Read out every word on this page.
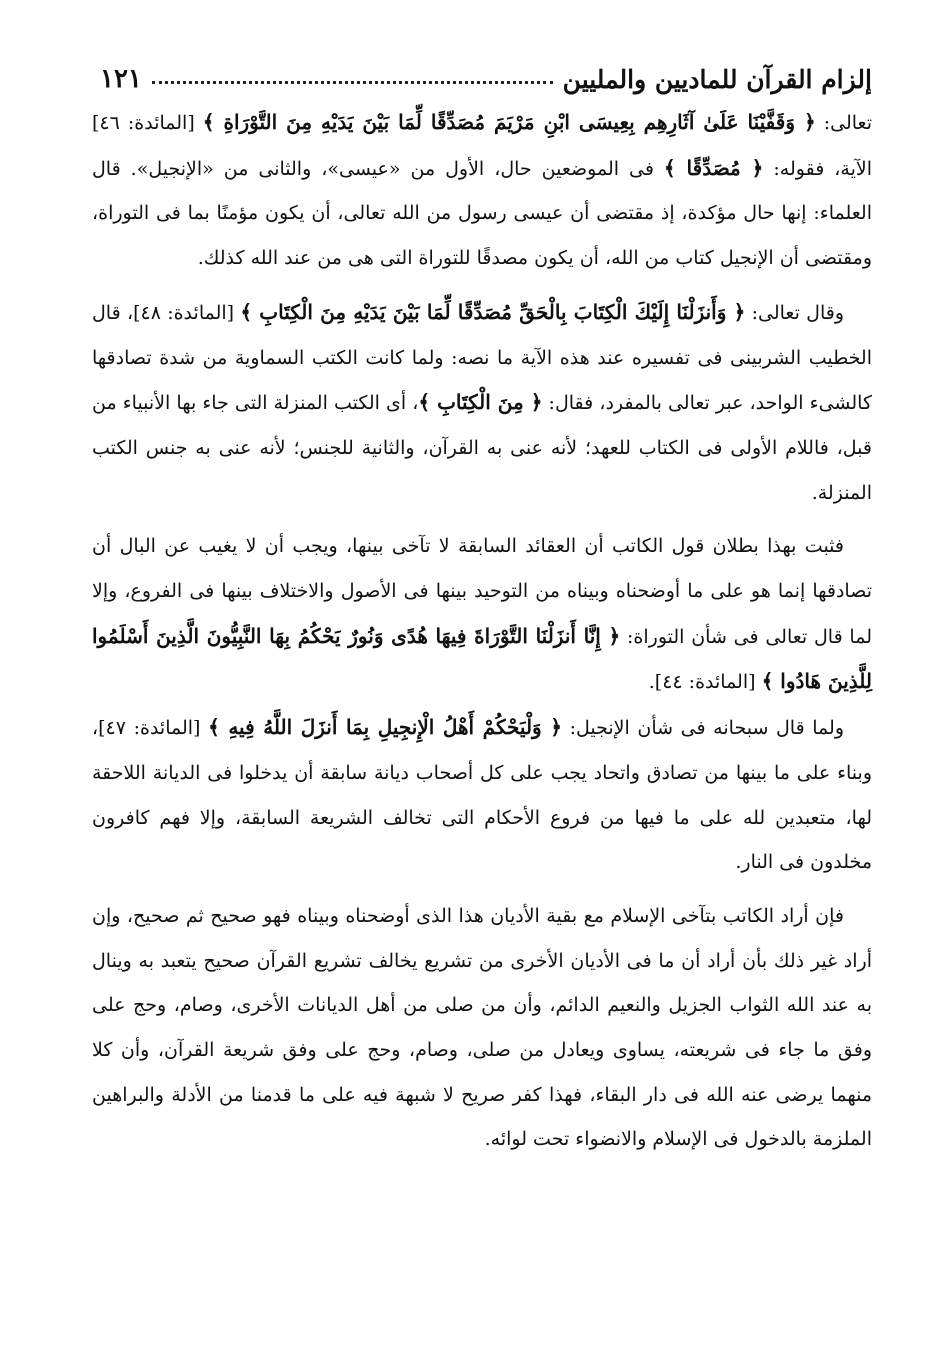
إلزام القرآن للماديين والمليين
١٢١

تعالى: ﴿ وَقَفَّيْنَا عَلَىٰ آثَارِهِم بِعِيسَى ابْنِ مَرْيَمَ مُصَدِّقًا لِّمَا بَيْنَ يَدَيْهِ مِنَ التَّوْرَاةِ ﴾ [المائدة: ٤٦] الآية، فقوله: ﴿ مُصَدِّقًا ﴾ فى الموضعين حال، الأول من «عيسى»، والثانى من «الإنجيل». قال العلماء: إنها حال مؤكدة، إذ مقتضى أن عيسى رسول من الله تعالى، أن يكون مؤمنًا بما فى التوراة، ومقتضى أن الإنجيل كتاب من الله، أن يكون مصدقًا للتوراة التى هى من عند الله كذلك.

وقال تعالى: ﴿ وَأَنزَلْنَا إِلَيْكَ الْكِتَابَ بِالْحَقِّ مُصَدِّقًا لِّمَا بَيْنَ يَدَيْهِ مِنَ الْكِتَابِ ﴾ [المائدة: ٤٨]، قال الخطيب الشربينى فى تفسيره عند هذه الآية ما نصه: ولما كانت الكتب السماوية من شدة تصادقها كالشىء الواحد، عبر تعالى بالمفرد، فقال: ﴿ مِنَ الْكِتَابِ ﴾، أى الكتب المنزلة التى جاء بها الأنبياء من قبل، فاللام الأولى فى الكتاب للعهد؛ لأنه عنى به القرآن، والثانية للجنس؛ لأنه عنى به جنس الكتب المنزلة.

فثبت بهذا بطلان قول الكاتب أن العقائد السابقة لا تآخى بينها، ويجب أن لا يغيب عن البال أن تصادقها إنما هو على ما أوضحناه وبيناه من التوحيد بينها فى الأصول والاختلاف بينها فى الفروع، وإلا لما قال تعالى فى شأن التوراة: ﴿ إِنَّا أَنزَلْنَا التَّوْرَاةَ فِيهَا هُدًى وَنُورٌ يَحْكُمُ بِهَا النَّبِيُّونَ الَّذِينَ أَسْلَمُوا لِلَّذِينَ هَادُوا ﴾ [المائدة: ٤٤].

ولما قال سبحانه فى شأن الإنجيل: ﴿ وَلْيَحْكُمْ أَهْلُ الْإِنجِيلِ بِمَا أَنزَلَ اللَّهُ فِيهِ ﴾ [المائدة: ٤٧]، وبناء على ما بينها من تصادق واتحاد يجب على كل أصحاب ديانة سابقة أن يدخلوا فى الديانة اللاحقة لها، متعبدين لله على ما فيها من فروع الأحكام التى تخالف الشريعة السابقة، وإلا فهم كافرون مخلدون فى النار.

فإن أراد الكاتب بتآخى الإسلام مع بقية الأديان هذا الذى أوضحناه وبيناه فهو صحيح ثم صحيح، وإن أراد غير ذلك بأن أراد أن ما فى الأديان الأخرى من تشريع يخالف تشريع القرآن صحيح يتعبد به وينال به عند الله الثواب الجزيل والنعيم الدائم، وأن من صلى من أهل الديانات الأخرى، وصام، وحج على وفق ما جاء فى شريعته، يساوى ويعادل من صلى، وصام، وحج على وفق شريعة القرآن، وأن كلا منهما يرضى عنه الله فى دار البقاء، فهذا كفر صريح لا شبهة فيه على ما قدمنا من الأدلة والبراهين الملزمة بالدخول فى الإسلام والانضواء تحت لوائه.
